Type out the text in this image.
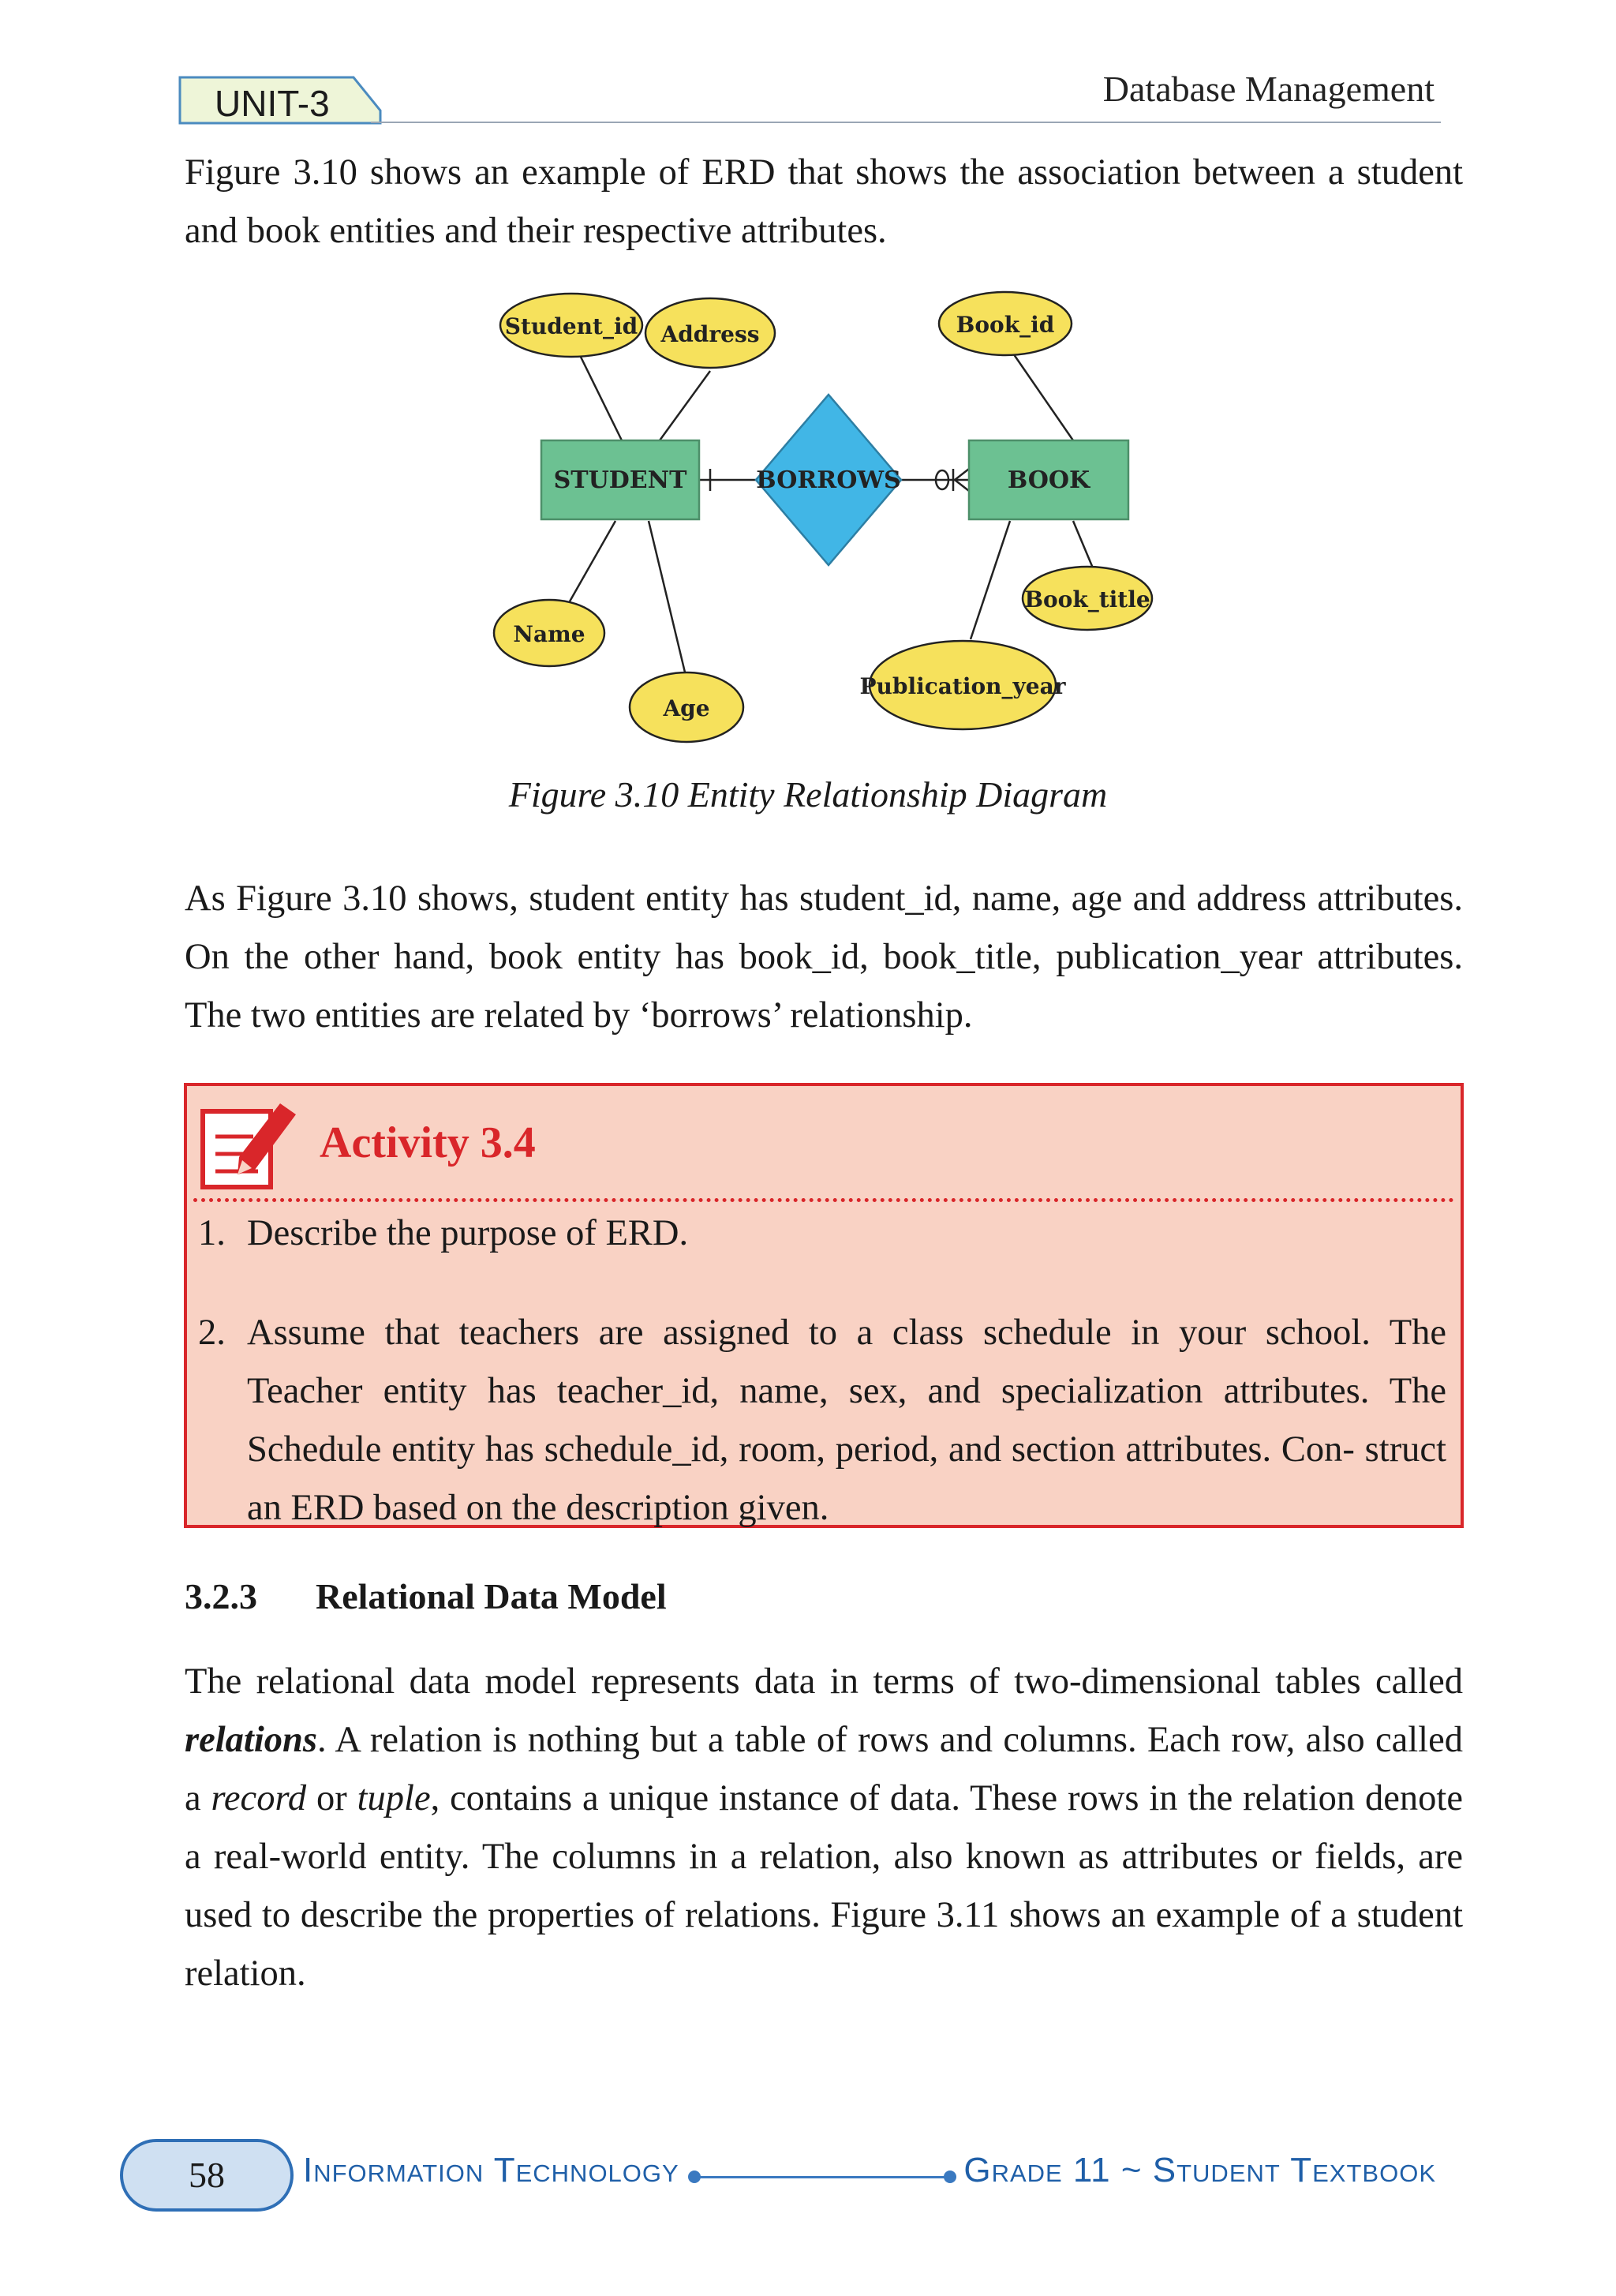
UNIT-3	Database Management

Figure 3.10 shows an example of ERD that shows the association between a student and book entities and their respective attributes.

STUDENT	BOOK
BORROWS
Student_id Address
Name
Age
Book_id
Book_title
Publication_year
Figure 3.10 Entity Relationship Diagram

As Figure 3.10 shows, student entity has student_id, name, age and address attributes. On the other hand, book entity has book_id, book_title, publication_year attributes. The two entities are related by ‘borrows’ relationship.

Activity 3.4
1. Describe the purpose of ERD.
2. Assume that teachers are assigned to a class schedule in your school. The Teacher entity has teacher_id, name, sex, and specialization attributes. The Schedule entity has schedule_id, room, period, and section attributes. Con- struct an ERD based on the description given.
3.2.3 Relational Data Model

The relational data model represents data in terms of two-dimensional tables called relations. A relation is nothing but a table of rows and columns. Each row, also called a record or tuple, contains a unique instance of data. These rows in the relation denote a real-world entity. The columns in a relation, also known as attributes or fields, are used to describe the properties of relations. Figure 3.11 shows an example of a student relation.

58	Information Technology	Grade 11 ~ Student Textbook
